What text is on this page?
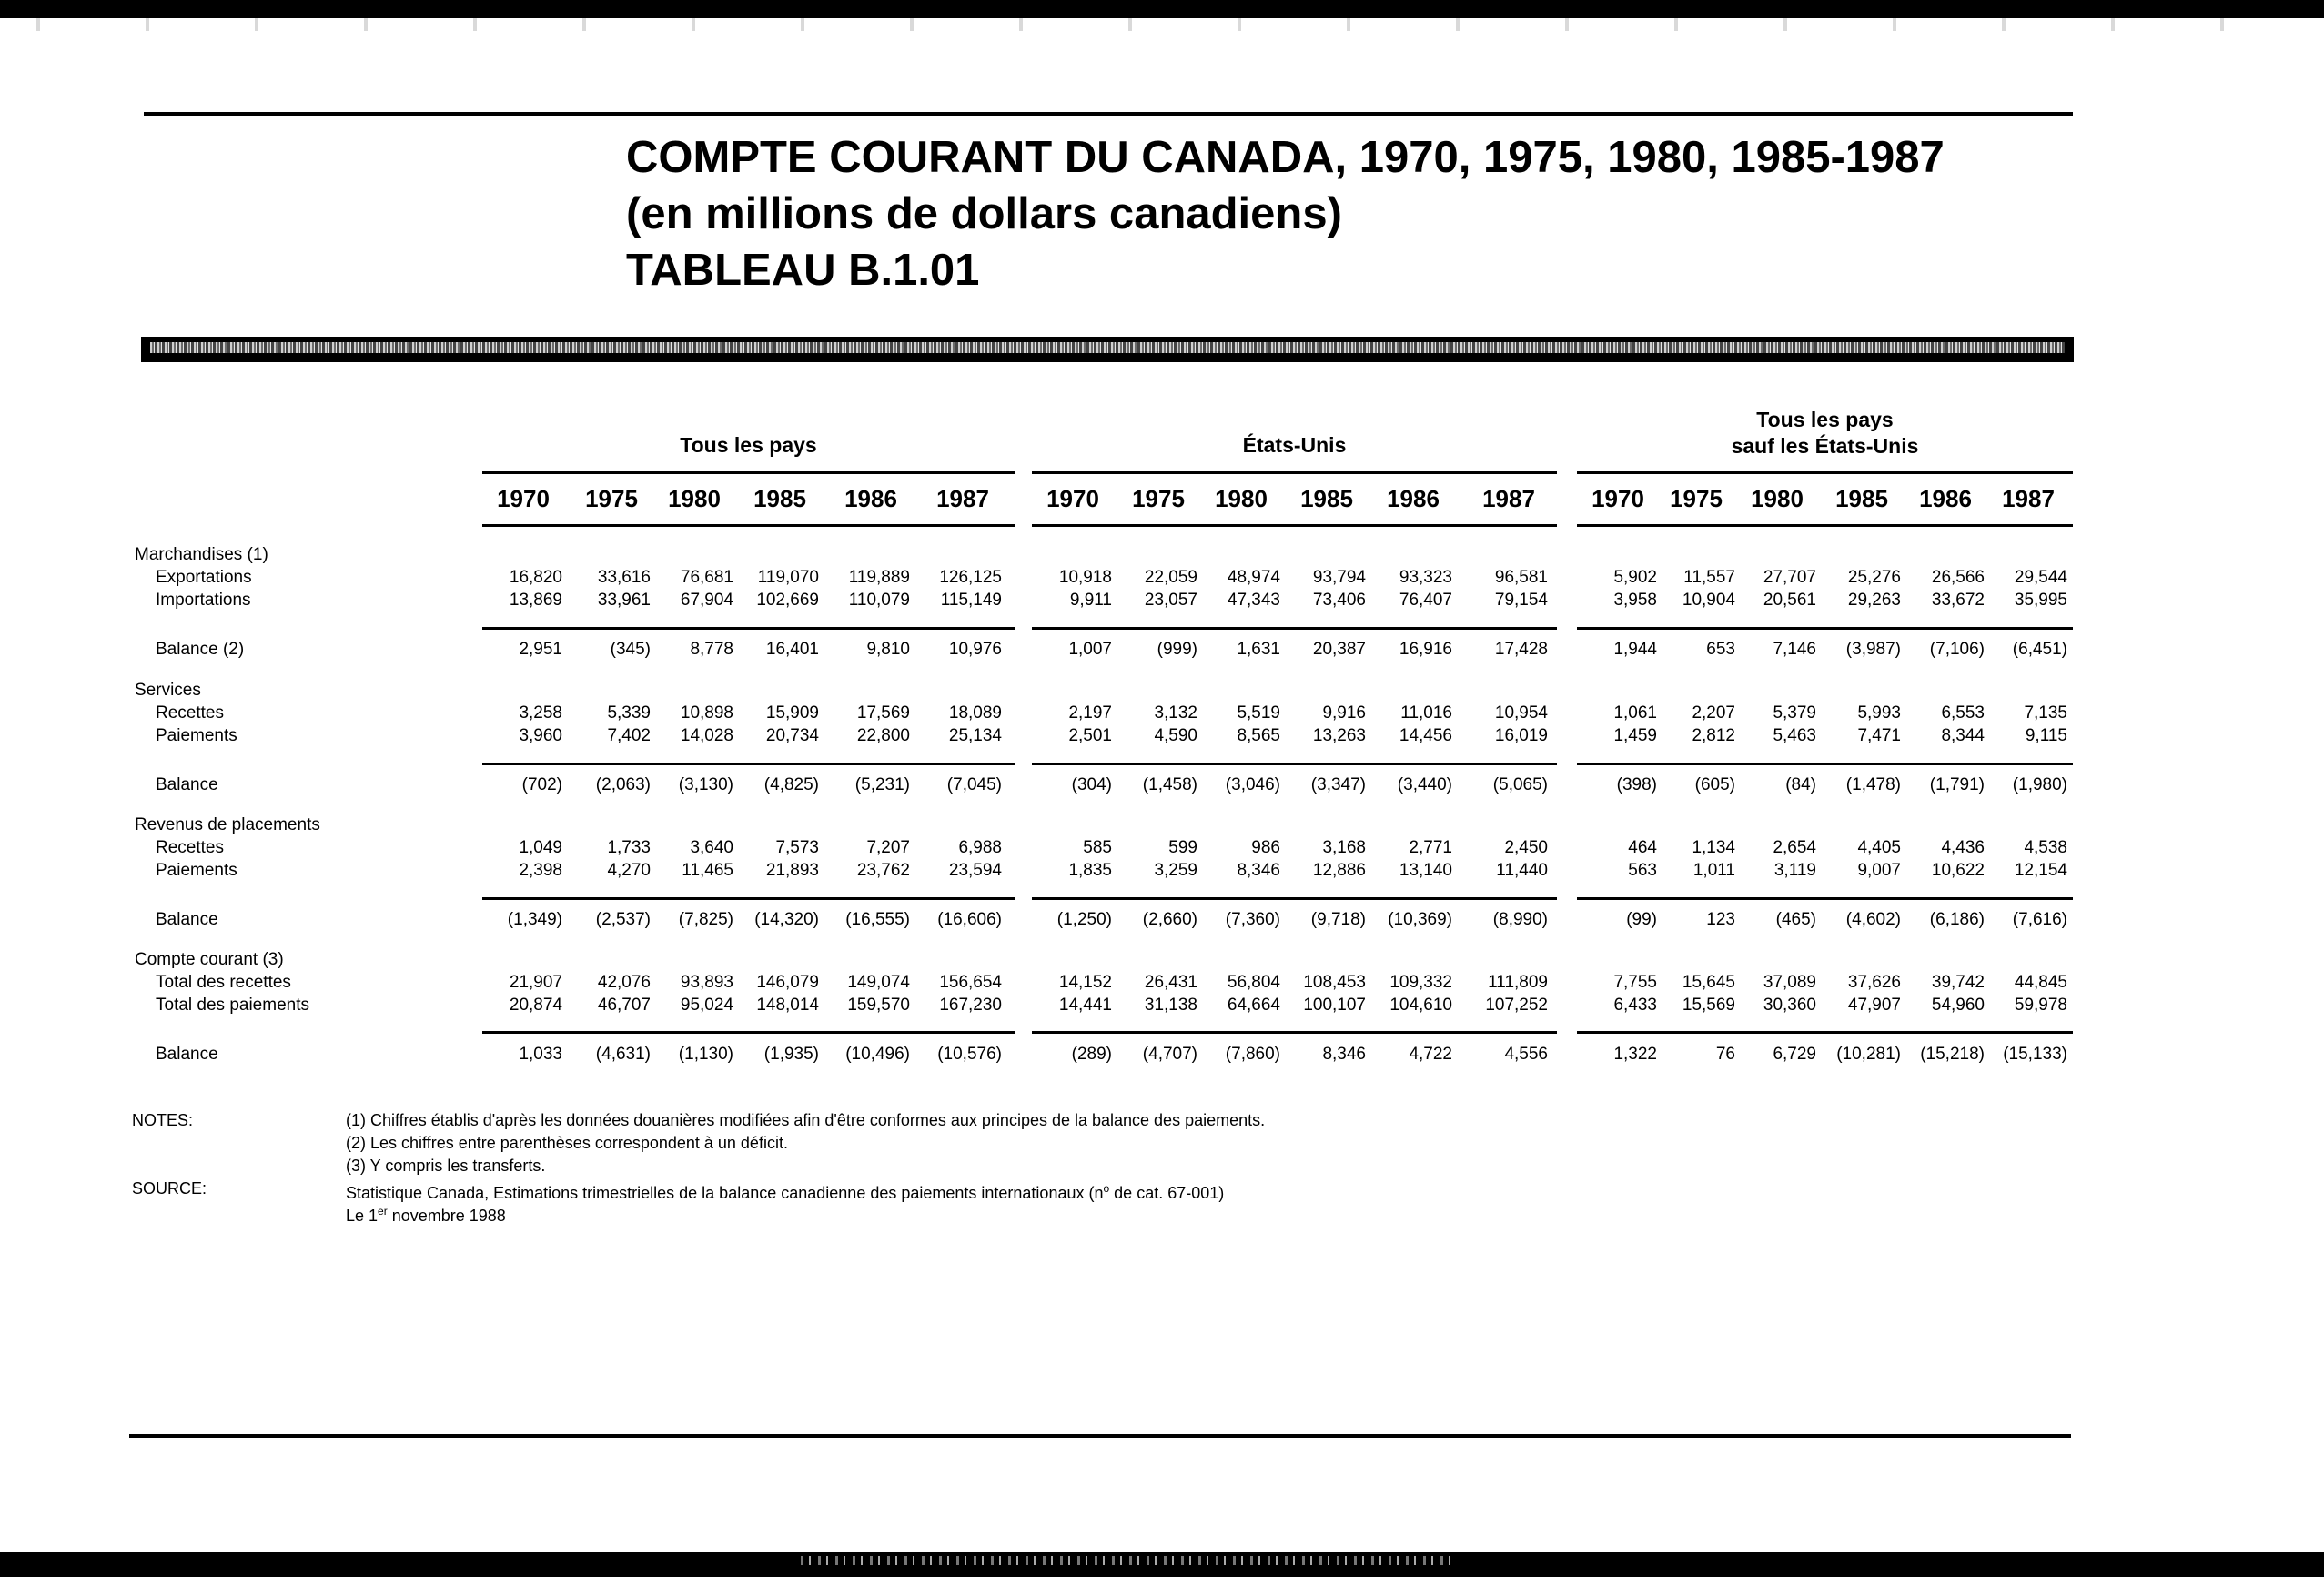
COMPTE COURANT DU CANADA, 1970, 1975, 1980, 1985-1987
(en millions de dollars canadiens)
TABLEAU B.1.01
Tous les pays
1970	1975	1980	1985	1986	1987
États-Unis
1970	1975	1980	1985	1986	1987
Tous les pays
sauf les États-Unis
1970	1975	1980	1985	1986	1987
Marchandises (1)
Exportations	16,820	33,616	76,681	119,070	119,889	126,125	10,918	22,059	48,974	93,794	93,323	96,581	5,902	11,557	27,707	25,276	26,566	29,544
Importations	13,869	33,961	67,904	102,669	110,079	115,149	9,911	23,057	47,343	73,406	76,407	79,154	3,958	10,904	20,561	29,263	33,672	35,995
Balance (2)	2,951	(345)	8,778	16,401	9,810	10,976	1,007	(999)	1,631	20,387	16,916	17,428	1,944	653	7,146	(3,987)	(7,106)	(6,451)
Services
Recettes	3,258	5,339	10,898	15,909	17,569	18,089	2,197	3,132	5,519	9,916	11,016	10,954	1,061	2,207	5,379	5,993	6,553	7,135
Paiements	3,960	7,402	14,028	20,734	22,800	25,134	2,501	4,590	8,565	13,263	14,456	16,019	1,459	2,812	5,463	7,471	8,344	9,115
Balance	(702)	(2,063)	(3,130)	(4,825)	(5,231)	(7,045)	(304)	(1,458)	(3,046)	(3,347)	(3,440)	(5,065)	(398)	(605)	(84)	(1,478)	(1,791)	(1,980)
Revenus de placements
Recettes	1,049	1,733	3,640	7,573	7,207	6,988	585	599	986	3,168	2,771	2,450	464	1,134	2,654	4,405	4,436	4,538
Paiements	2,398	4,270	11,465	21,893	23,762	23,594	1,835	3,259	8,346	12,886	13,140	11,440	563	1,011	3,119	9,007	10,622	12,154
Balance	(1,349)	(2,537)	(7,825)	(14,320)	(16,555)	(16,606)	(1,250)	(2,660)	(7,360)	(9,718)	(10,369)	(8,990)	(99)	123	(465)	(4,602)	(6,186)	(7,616)
Compte courant (3)
Total des recettes	21,907	42,076	93,893	146,079	149,074	156,654	14,152	26,431	56,804	108,453	109,332	111,809	7,755	15,645	37,089	37,626	39,742	44,845
Total des paiements	20,874	46,707	95,024	148,014	159,570	167,230	14,441	31,138	64,664	100,107	104,610	107,252	6,433	15,569	30,360	47,907	54,960	59,978
Balance	1,033	(4,631)	(1,130)	(1,935)	(10,496)	(10,576)	(289)	(4,707)	(7,860)	8,346	4,722	4,556	1,322	76	6,729	(10,281)	(15,218)	(15,133)
NOTES:	(1) Chiffres établis d'après les données douanières modifiées afin d'être conformes aux principes de la balance des paiements.
(2) Les chiffres entre parenthèses correspondent à un déficit.
(3) Y compris les transferts.
SOURCE:	Statistique Canada, Estimations trimestrielles de la balance canadienne des paiements internationaux ($n^o$ de cat. 67-001)
Le 1er novembre 1988
